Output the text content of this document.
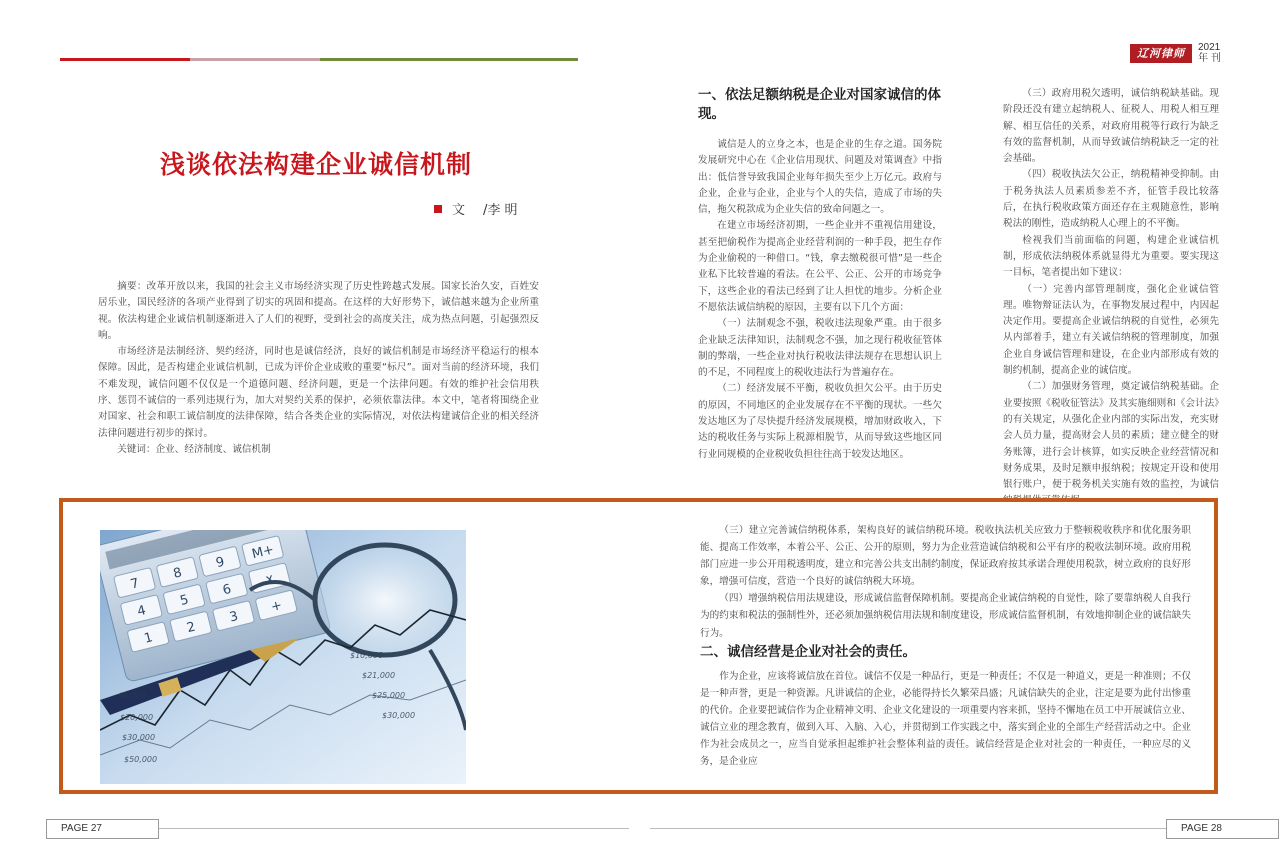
辽河律师	2021
年 刊
浅谈依法构建企业诚信机制
文 /李 明

摘要：改革开放以来，我国的社会主义市场经济实现了历史性跨越式发展。国家长治久安，百姓安居乐业，国民经济的各项产业得到了切实的巩固和提高。在这样的大好形势下，诚信越来越为企业所重视。依法构建企业诚信机制逐渐进入了人们的视野，受到社会的高度关注，成为热点问题，引起强烈反响。

市场经济是法制经济、契约经济，同时也是诚信经济，良好的诚信机制是市场经济平稳运行的根本保障。因此，是否构建企业诚信机制，已成为评价企业成败的重要“标尺”。面对当前的经济环境，我们不难发现，诚信问题不仅仅是一个道德问题、经济问题，更是一个法律问题。有效的维护社会信用秩序、惩罚不诚信的一系列违规行为，加大对契约关系的保护，必须依靠法律。本文中，笔者将围绕企业对国家、社会和职工诚信制度的法律保障，结合各类企业的实际情况，对依法构建诚信企业的相关经济法律问题进行初步的探讨。

关键词：企业、经济制度、诚信机制

一、依法足额纳税是企业对国家诚信的体现。

诚信是人的立身之本，也是企业的生存之道。国务院发展研究中心在《企业信用现状、问题及对策调查》中指出：低信誉导致我国企业每年损失至少上万亿元。政府与企业，企业与企业，企业与个人的失信，造成了市场的失信，拖欠税款成为企业失信的致命问题之一。

在建立市场经济初期，一些企业并不重视信用建设，甚至把偷税作为提高企业经营利润的一种手段，把生存作为企业偷税的一种借口。“钱，拿去缴税很可惜”是一些企业私下比较普遍的看法。在公平、公正、公开的市场竞争下，这些企业的看法已经到了让人担忧的地步。分析企业不愿依法诚信纳税的原因，主要有以下几个方面：

（一）法制观念不强，税收违法现象严重。由于很多企业缺乏法律知识，法制观念不强，加之现行税收征管体制的弊端，一些企业对执行税收法律法规存在思想认识上的不足，不同程度上的税收违法行为普遍存在。

（二）经济发展不平衡，税收负担欠公平。由于历史的原因，不同地区的企业发展存在不平衡的现状。一些欠发达地区为了尽快提升经济发展规模，增加财政收入，下达的税收任务与实际上税源相脱节，从而导致这些地区同行业同规模的企业税收负担往往高于较发达地区。

（三）政府用税欠透明，诚信纳税缺基础。现阶段还没有建立起纳税人、征税人、用税人相互理解、相互信任的关系，对政府用税等行政行为缺乏有效的监督机制，从而导致诚信纳税缺乏一定的社会基础。

（四）税收执法欠公正，纳税精神受抑制。由于税务执法人员素质参差不齐，征管手段比较落后，在执行税收政策方面还存在主观随意性，影响税法的刚性，造成纳税人心理上的不平衡。

检视我们当前面临的问题，构建企业诚信机制，形成依法纳税体系就显得尤为重要。要实现这一目标，笔者提出如下建议：

（一）完善内部管理制度，强化企业诚信管理。唯物辩证法认为，在事物发展过程中，内因起决定作用。要提高企业诚信纳税的自觉性，必须先从内部着手，建立有关诚信纳税的管理制度，加强企业自身诚信管理和建设，在企业内部形成有效的制约机制，提高企业的诚信度。

（二）加强财务管理，奠定诚信纳税基础。企业要按照《税收征管法》及其实施细则和《会计法》的有关规定，从强化企业内部的实际出发，充实财会人员力量，提高财会人员的素质；建立健全的财务账簿，进行会计核算，如实反映企业经营情况和财务成果，及时足额申报纳税；按规定开设和使用银行账户，便于税务机关实施有效的监控，为诚信

7
8
9
M+
4
5
6
x
1
2
3
+
$6,000
$20,000
$30,000
$50,000
$10,000
$21,000
$25,000
$30,000

（三）建立完善诚信纳税体系，架构良好的诚信纳税环境。税收执法机关应致力于整顿税收秩序和优化服务职能、提高工作效率，本着公平、公正、公开的原则，努力为企业营造诚信纳税和公平有序的税收法制环境。政府用税部门应进一步公开用税透明度，建立和完善公共支出制约制度，保证政府按其承诺合理使用税款，树立政府的良好形象，增强可信度，营造一个良好的诚信纳税大环境。

（四）增强纳税信用法规建设，形成诚信监督保障机制。要提高企业诚信纳税的自觉性，除了要靠纳税人自我行为的约束和税法的强制性外，还必须加强纳税信用法规和制度建设，形成诚信监督机制，有效地抑制企业的诚信缺失行为。

二、诚信经营是企业对社会的责任。

作为企业，应该将诚信放在首位。诚信不仅是一种品行，更是一种责任；不仅是一种道义，更是一种准则；不仅是一种声誉，更是一种资源。凡讲诚信的企业，必能得持长久繁荣昌盛；凡诚信缺失的企业，注定是要为此付出惨重的代价。企业要把诚信作为企业精神文明、企业文化建设的一项重要内容来抓，坚持不懈地在员工中开展诚信立业、诚信立业的理念教育，做到入耳、入脑、入心，并贯彻到工作实践之中，落实到企业的全部生产经营活动之中。企业作为社会成员之一，应当自觉承担起维护社会整体利益的责任。诚信经营是企业对社会的一种责任，一种应尽的义务，是企业应

PAGE 27	PAGE 28
